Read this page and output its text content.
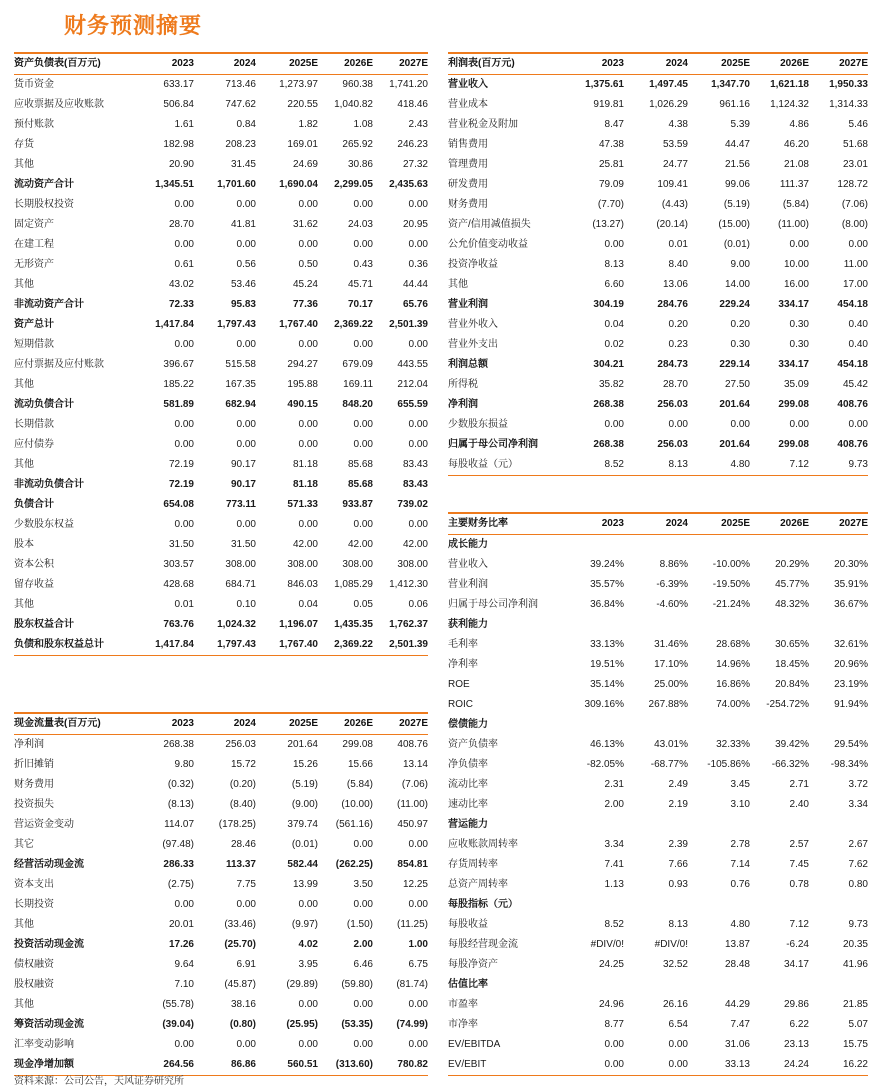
财务预测摘要
资产负债表(百万元)	2023	2024	2025E	2026E	2027E
货币资金	633.17	713.46	1,273.97	960.38	1,741.20
应收票据及应收账款	506.84	747.62	220.55	1,040.82	418.46
预付账款	1.61	0.84	1.82	1.08	2.43
存货	182.98	208.23	169.01	265.92	246.23
其他	20.90	31.45	24.69	30.86	27.32
流动资产合计	1,345.51	1,701.60	1,690.04	2,299.05	2,435.63
长期股权投资	0.00	0.00	0.00	0.00	0.00
固定资产	28.70	41.81	31.62	24.03	20.95
在建工程	0.00	0.00	0.00	0.00	0.00
无形资产	0.61	0.56	0.50	0.43	0.36
其他	43.02	53.46	45.24	45.71	44.44
非流动资产合计	72.33	95.83	77.36	70.17	65.76
资产总计	1,417.84	1,797.43	1,767.40	2,369.22	2,501.39
短期借款	0.00	0.00	0.00	0.00	0.00
应付票据及应付账款	396.67	515.58	294.27	679.09	443.55
其他	185.22	167.35	195.88	169.11	212.04
流动负债合计	581.89	682.94	490.15	848.20	655.59
长期借款	0.00	0.00	0.00	0.00	0.00
应付债券	0.00	0.00	0.00	0.00	0.00
其他	72.19	90.17	81.18	85.68	83.43
非流动负债合计	72.19	90.17	81.18	85.68	83.43
负债合计	654.08	773.11	571.33	933.87	739.02
少数股东权益	0.00	0.00	0.00	0.00	0.00
股本	31.50	31.50	42.00	42.00	42.00
资本公积	303.57	308.00	308.00	308.00	308.00
留存收益	428.68	684.71	846.03	1,085.29	1,412.30
其他	0.01	0.10	0.04	0.05	0.06
股东权益合计	763.76	1,024.32	1,196.07	1,435.35	1,762.37
负债和股东权益总计	1,417.84	1,797.43	1,767.40	2,369.22	2,501.39
利润表(百万元)	2023	2024	2025E	2026E	2027E
营业收入	1,375.61	1,497.45	1,347.70	1,621.18	1,950.33
营业成本	919.81	1,026.29	961.16	1,124.32	1,314.33
营业税金及附加	8.47	4.38	5.39	4.86	5.46
销售费用	47.38	53.59	44.47	46.20	51.68
管理费用	25.81	24.77	21.56	21.08	23.01
研发费用	79.09	109.41	99.06	111.37	128.72
财务费用	(7.70)	(4.43)	(5.19)	(5.84)	(7.06)
资产/信用减值损失	(13.27)	(20.14)	(15.00)	(11.00)	(8.00)
公允价值变动收益	0.00	0.01	(0.01)	0.00	0.00
投资净收益	8.13	8.40	9.00	10.00	11.00
其他	6.60	13.06	14.00	16.00	17.00
营业利润	304.19	284.76	229.24	334.17	454.18
营业外收入	0.04	0.20	0.20	0.30	0.40
营业外支出	0.02	0.23	0.30	0.30	0.40
利润总额	304.21	284.73	229.14	334.17	454.18
所得税	35.82	28.70	27.50	35.09	45.42
净利润	268.38	256.03	201.64	299.08	408.76
少数股东损益	0.00	0.00	0.00	0.00	0.00
归属于母公司净利润	268.38	256.03	201.64	299.08	408.76
每股收益（元）	8.52	8.13	4.80	7.12	9.73
主要财务比率	2023	2024	2025E	2026E	2027E
成长能力					
营业收入	39.24%	8.86%	-10.00%	20.29%	20.30%
营业利润	35.57%	-6.39%	-19.50%	45.77%	35.91%
归属于母公司净利润	36.84%	-4.60%	-21.24%	48.32%	36.67%
获利能力					
毛利率	33.13%	31.46%	28.68%	30.65%	32.61%
净利率	19.51%	17.10%	14.96%	18.45%	20.96%
ROE	35.14%	25.00%	16.86%	20.84%	23.19%
ROIC	309.16%	267.88%	74.00%	-254.72%	91.94%
偿债能力					
资产负债率	46.13%	43.01%	32.33%	39.42%	29.54%
净负债率	-82.05%	-68.77%	-105.86%	-66.32%	-98.34%
流动比率	2.31	2.49	3.45	2.71	3.72
速动比率	2.00	2.19	3.10	2.40	3.34
营运能力					
应收账款周转率	3.34	2.39	2.78	2.57	2.67
存货周转率	7.41	7.66	7.14	7.45	7.62
总资产周转率	1.13	0.93	0.76	0.78	0.80
每股指标（元）					
每股收益	8.52	8.13	4.80	7.12	9.73
每股经营现金流	#DIV/0!	#DIV/0!	13.87	-6.24	20.35
每股净资产	24.25	32.52	28.48	34.17	41.96
估值比率					
市盈率	24.96	26.16	44.29	29.86	21.85
市净率	8.77	6.54	7.47	6.22	5.07
EV/EBITDA	0.00	0.00	31.06	23.13	15.75
EV/EBIT	0.00	0.00	33.13	24.24	16.22
现金流量表(百万元)	2023	2024	2025E	2026E	2027E
净利润	268.38	256.03	201.64	299.08	408.76
折旧摊销	9.80	15.72	15.26	15.66	13.14
财务费用	(0.32)	(0.20)	(5.19)	(5.84)	(7.06)
投资损失	(8.13)	(8.40)	(9.00)	(10.00)	(11.00)
营运资金变动	114.07	(178.25)	379.74	(561.16)	450.97
其它	(97.48)	28.46	(0.01)	0.00	0.00
经营活动现金流	286.33	113.37	582.44	(262.25)	854.81
资本支出	(2.75)	7.75	13.99	3.50	12.25
长期投资	0.00	0.00	0.00	0.00	0.00
其他	20.01	(33.46)	(9.97)	(1.50)	(11.25)
投资活动现金流	17.26	(25.70)	4.02	2.00	1.00
债权融资	9.64	6.91	3.95	6.46	6.75
股权融资	7.10	(45.87)	(29.89)	(59.80)	(81.74)
其他	(55.78)	38.16	0.00	0.00	0.00
筹资活动现金流	(39.04)	(0.80)	(25.95)	(53.35)	(74.99)
汇率变动影响	0.00	0.00	0.00	0.00	0.00
现金净增加额	264.56	86.86	560.51	(313.60)	780.82
资料来源：公司公告，天风证券研究所
